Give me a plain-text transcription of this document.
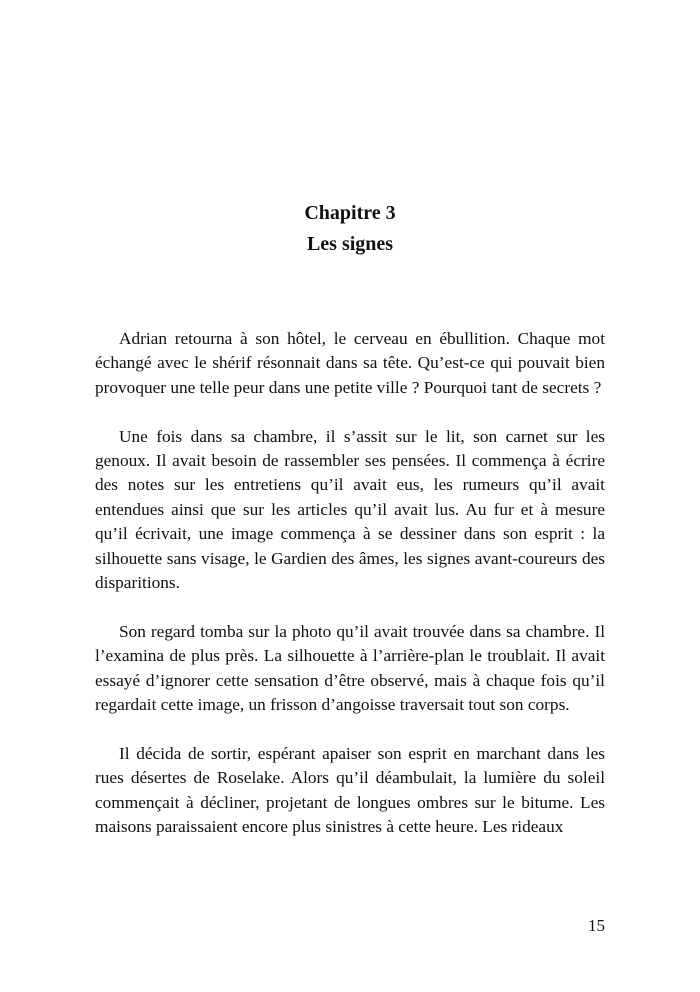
Chapitre 3
Les signes

Adrian retourna à son hôtel, le cerveau en ébullition. Chaque mot échangé avec le shérif résonnait dans sa tête. Qu’est-ce qui pouvait bien provoquer une telle peur dans une petite ville ? Pourquoi tant de secrets ?

Une fois dans sa chambre, il s’assit sur le lit, son carnet sur les genoux. Il avait besoin de rassembler ses pensées. Il commença à écrire des notes sur les entretiens qu’il avait eus, les rumeurs qu’il avait entendues ainsi que sur les articles qu’il avait lus. Au fur et à mesure qu’il écrivait, une image commença à se dessiner dans son esprit : la silhouette sans visage, le Gardien des âmes, les signes avant-coureurs des disparitions.

Son regard tomba sur la photo qu’il avait trouvée dans sa chambre. Il l’examina de plus près. La silhouette à l’arrière-plan le troublait. Il avait essayé d’ignorer cette sensation d’être observé, mais à chaque fois qu’il regardait cette image, un frisson d’angoisse traversait tout son corps.

Il décida de sortir, espérant apaiser son esprit en marchant dans les rues désertes de Roselake. Alors qu’il déambulait, la lumière du soleil commençait à décliner, projetant de longues ombres sur le bitume. Les maisons paraissaient encore plus sinistres à cette heure. Les rideaux

15
